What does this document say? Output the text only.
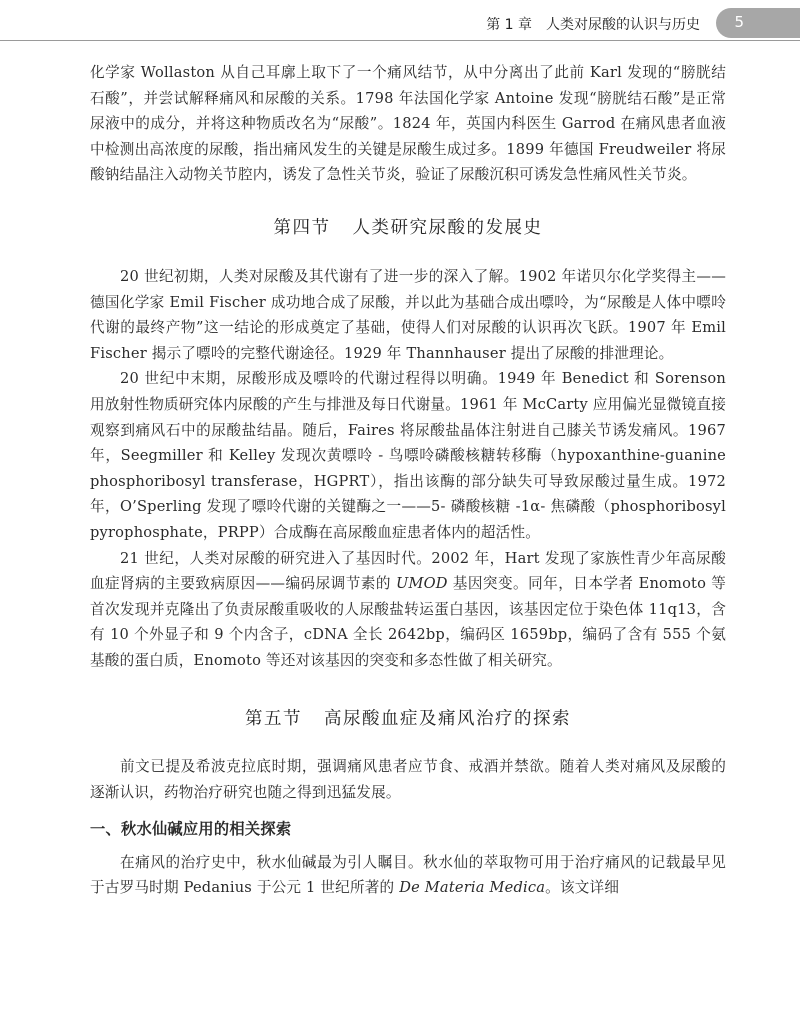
第 1 章　人类对尿酸的认识与历史 5

化学家 Wollaston 从自己耳廓上取下了一个痛风结节，从中分离出了此前 Karl 发现的“膀胱结石酸”，并尝试解释痛风和尿酸的关系。1798 年法国化学家 Antoine 发现“膀胱结石酸”是正常尿液中的成分，并将这种物质改名为“尿酸”。1824 年，英国内科医生 Garrod 在痛风患者血液中检测出高浓度的尿酸，指出痛风发生的关键是尿酸生成过多。1899 年德国 Freudweiler 将尿酸钠结晶注入动物关节腔内，诱发了急性关节炎，验证了尿酸沉积可诱发急性痛风性关节炎。

第四节 人类研究尿酸的发展史

20 世纪初期，人类对尿酸及其代谢有了进一步的深入了解。1902 年诺贝尔化学奖得主——德国化学家 Emil Fischer 成功地合成了尿酸，并以此为基础合成出嘌呤，为“尿酸是人体中嘌呤代谢的最终产物”这一结论的形成奠定了基础，使得人们对尿酸的认识再次飞跃。1907 年 Emil Fischer 揭示了嘌呤的完整代谢途径。1929 年 Thannhauser 提出了尿酸的排泄理论。

20 世纪中末期，尿酸形成及嘌呤的代谢过程得以明确。1949 年 Benedict 和 Sorenson 用放射性物质研究体内尿酸的产生与排泄及每日代谢量。1961 年 McCarty 应用偏光显微镜直接观察到痛风石中的尿酸盐结晶。随后，Faires 将尿酸盐晶体注射进自己膝关节诱发痛风。1967 年，Seegmiller 和 Kelley 发现次黄嘌呤 - 鸟嘌呤磷酸核糖转移酶（hypoxanthine-guanine phosphoribosyl transferase，HGPRT），指出该酶的部分缺失可导致尿酸过量生成。1972 年，O’Sperling 发现了嘌呤代谢的关键酶之一——5- 磷酸核糖 -1α- 焦磷酸（phosphoribosyl pyrophosphate，PRPP）合成酶在高尿酸血症患者体内的超活性。

21 世纪，人类对尿酸的研究进入了基因时代。2002 年，Hart 发现了家族性青少年高尿酸血症肾病的主要致病原因——编码尿调节素的 UMOD 基因突变。同年，日本学者 Enomoto 等首次发现并克隆出了负责尿酸重吸收的人尿酸盐转运蛋白基因，该基因定位于染色体 11q13，含有 10 个外显子和 9 个内含子，cDNA 全长 2642bp，编码区 1659bp，编码了含有 555 个氨基酸的蛋白质，Enomoto 等还对该基因的突变和多态性做了相关研究。

第五节 高尿酸血症及痛风治疗的探索

前文已提及希波克拉底时期，强调痛风患者应节食、戒酒并禁欲。随着人类对痛风及尿酸的逐渐认识，药物治疗研究也随之得到迅猛发展。

一、秋水仙碱应用的相关探索

在痛风的治疗史中，秋水仙碱最为引人瞩目。秋水仙的萃取物可用于治疗痛风的记载最早见于古罗马时期 Pedanius 于公元 1 世纪所著的 De Materia Medica。该文详细
